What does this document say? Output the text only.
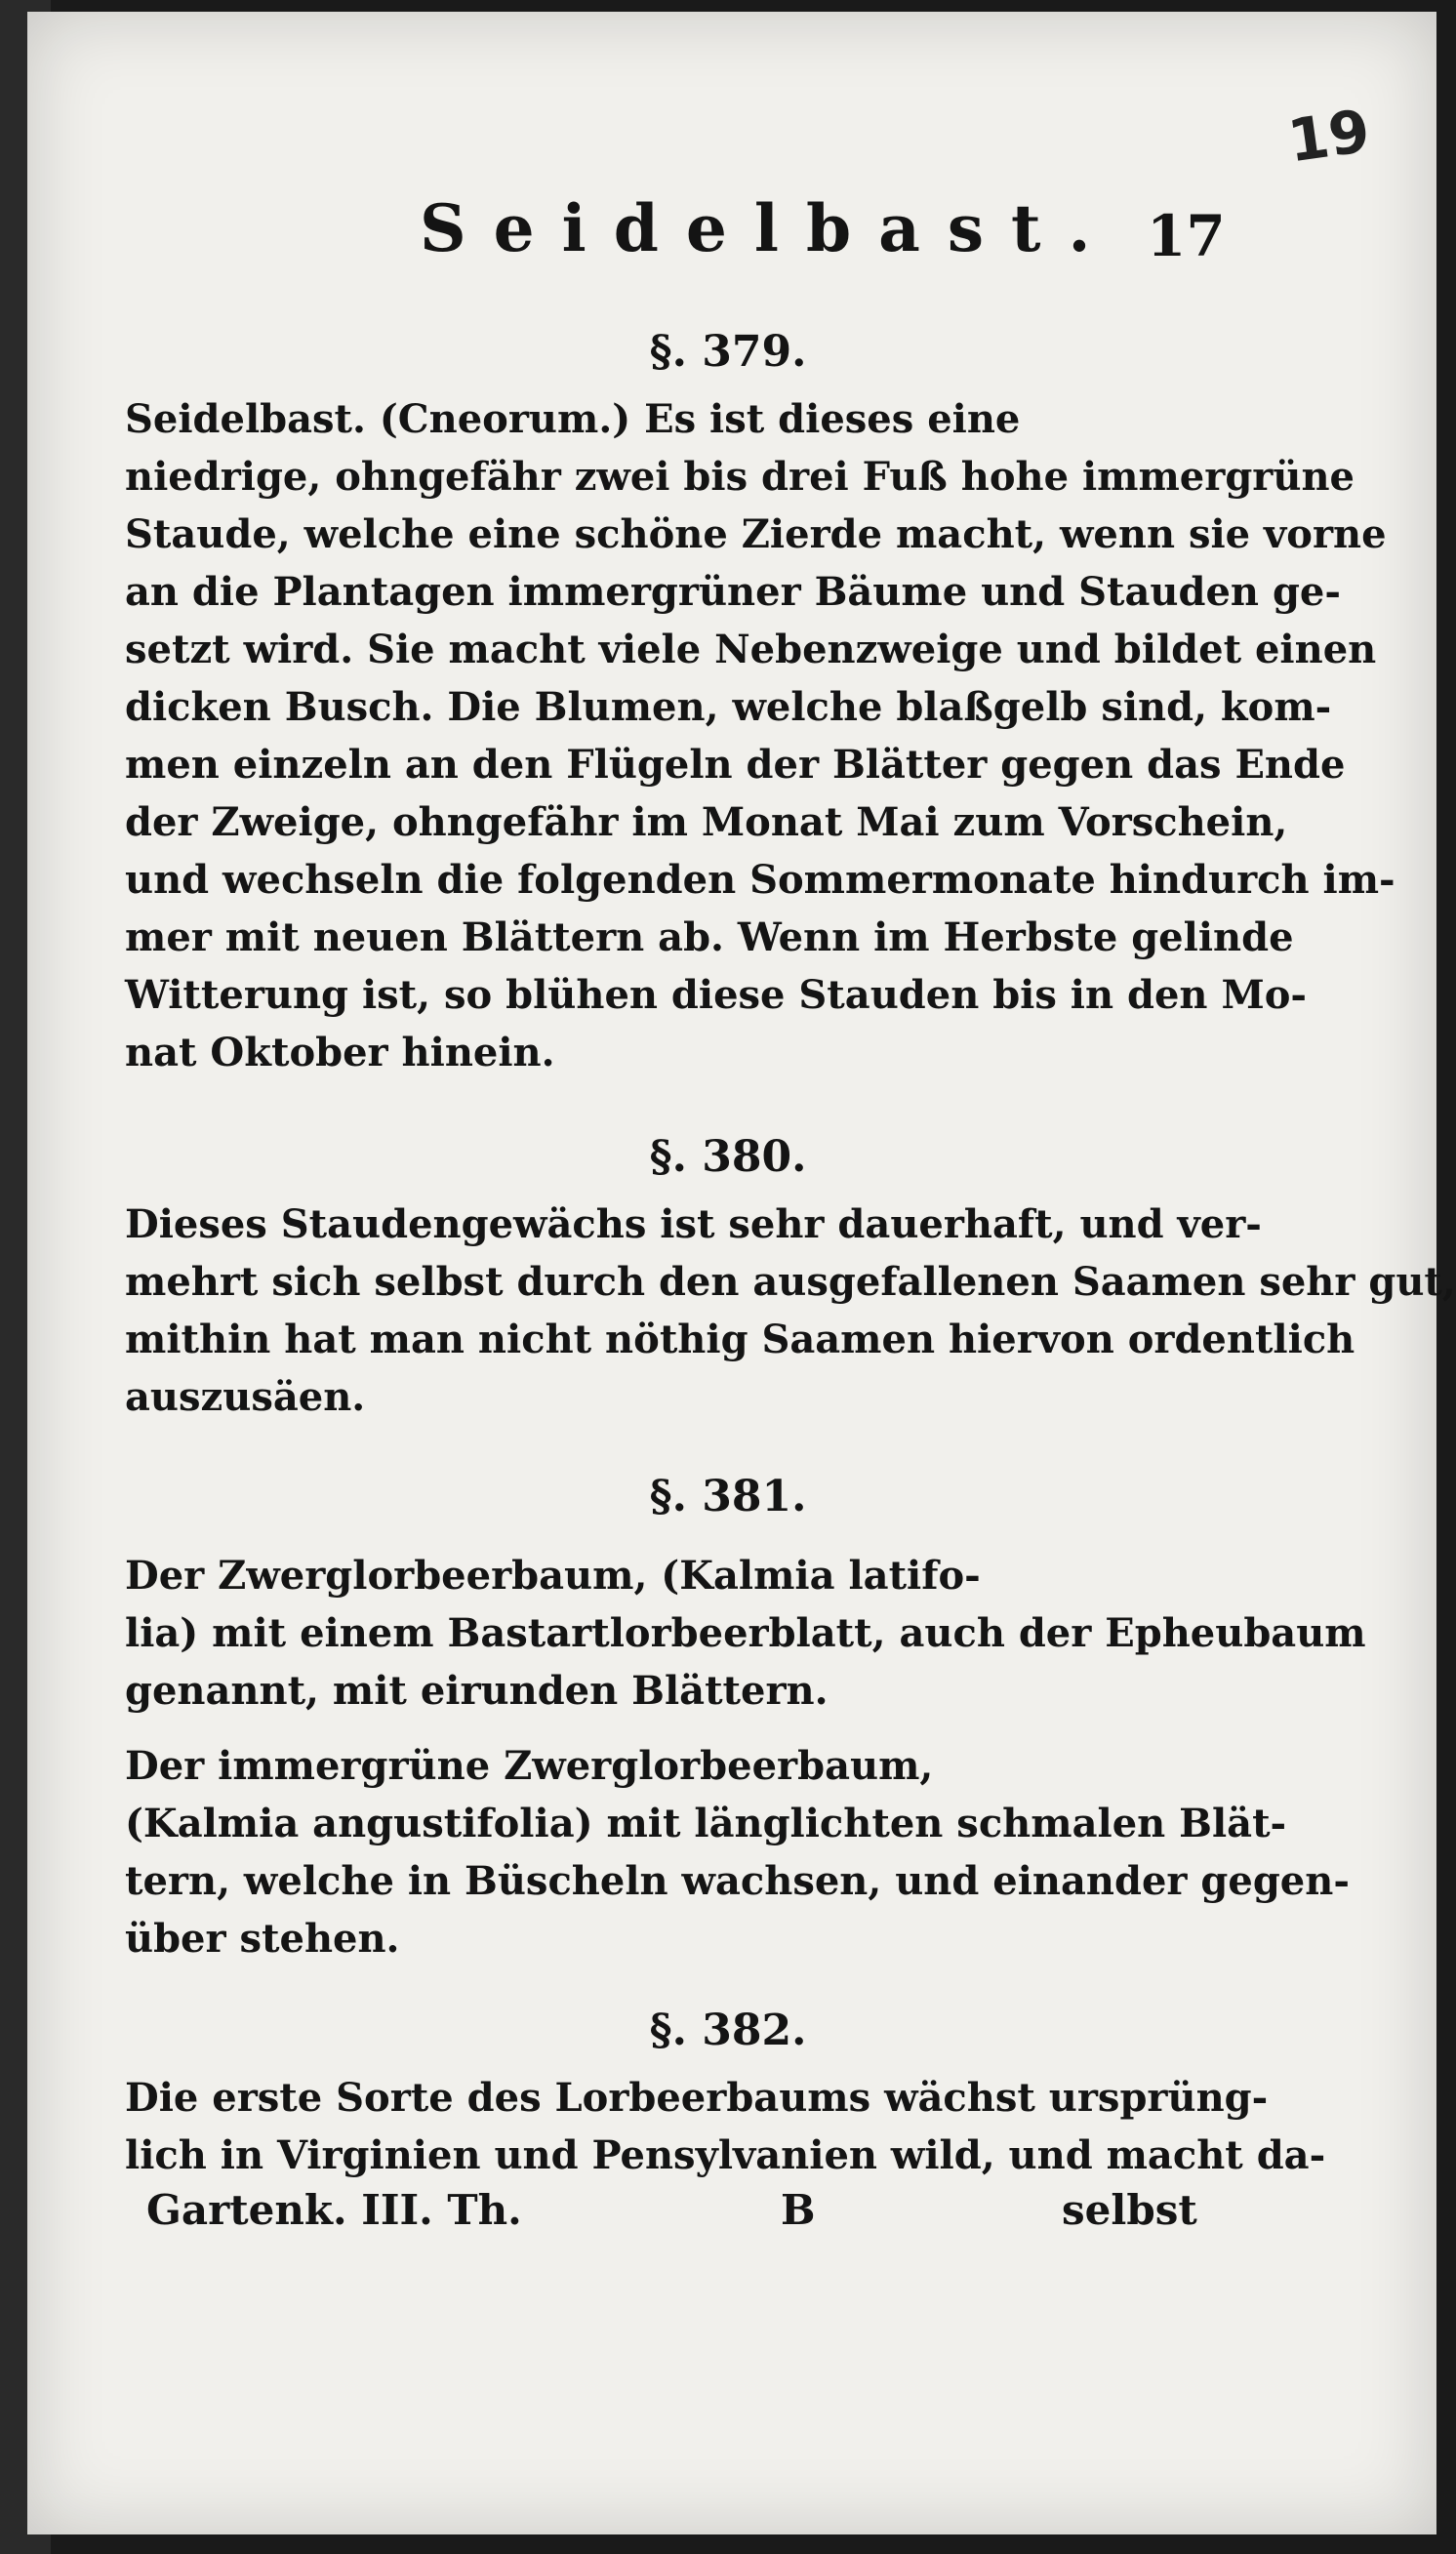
19
Seidelbast. 17
§. 379.
Seidelbast. (Cneorum.) Es ist dieses eine
niedrige, ohngefähr zwei bis drei Fuß hohe immergrüne
Staude, welche eine schöne Zierde macht, wenn sie vorne
an die Plantagen immergrüner Bäume und Stauden ge-
setzt wird. Sie macht viele Nebenzweige und bildet einen
dicken Busch. Die Blumen, welche blaßgelb sind, kom-
men einzeln an den Flügeln der Blätter gegen das Ende
der Zweige, ohngefähr im Monat Mai zum Vorschein,
und wechseln die folgenden Sommermonate hindurch im-
mer mit neuen Blättern ab. Wenn im Herbste gelinde
Witterung ist, so blühen diese Stauden bis in den Mo-
nat Oktober hinein.
§. 380.
Dieses Staudengewächs ist sehr dauerhaft, und ver-
mehrt sich selbst durch den ausgefallenen Saamen sehr gut,
mithin hat man nicht nöthig Saamen hiervon ordentlich
auszusäen.
§. 381.
Der Zwerglorbeerbaum, (Kalmia latifo-
lia) mit einem Bastartlorbeerblatt, auch der Epheubaum
genannt, mit eirunden Blättern.
Der immergrüne Zwerglorbeerbaum,
(Kalmia angustifolia) mit länglichten schmalen Blät-
tern, welche in Büscheln wachsen, und einander gegen-
über stehen.
§. 382.
Die erste Sorte des Lorbeerbaums wächst ursprüng-
lich in Virginien und Pensylvanien wild, und macht da-
Gartenk. III. Th.	B	selbst
